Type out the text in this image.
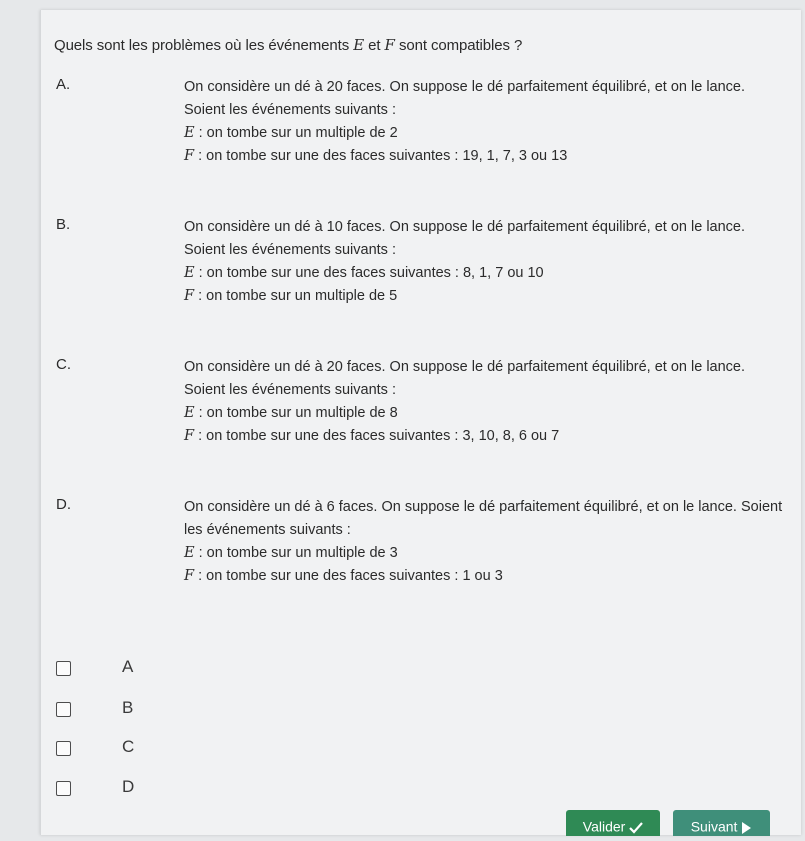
Quels sont les problèmes où les événements E et F sont compatibles ?
A.	On considère un dé à 20 faces. On suppose le dé parfaitement équilibré, et on le lance.
Soient les événements suivants :
E : on tombe sur un multiple de 2
F : on tombe sur une des faces suivantes : 19, 1, 7, 3 ou 13
B.	On considère un dé à 10 faces. On suppose le dé parfaitement équilibré, et on le lance.
Soient les événements suivants :
E : on tombe sur une des faces suivantes : 8, 1, 7 ou 10
F : on tombe sur un multiple de 5
C.	On considère un dé à 20 faces. On suppose le dé parfaitement équilibré, et on le lance.
Soient les événements suivants :
E : on tombe sur un multiple de 8
F : on tombe sur une des faces suivantes : 3, 10, 8, 6 ou 7
D.	On considère un dé à 6 faces. On suppose le dé parfaitement équilibré, et on le lance. Soient les événements suivants :
E : on tombe sur un multiple de 3
F : on tombe sur une des faces suivantes : 1 ou 3
A
B
C
D
Valider	Suivant
